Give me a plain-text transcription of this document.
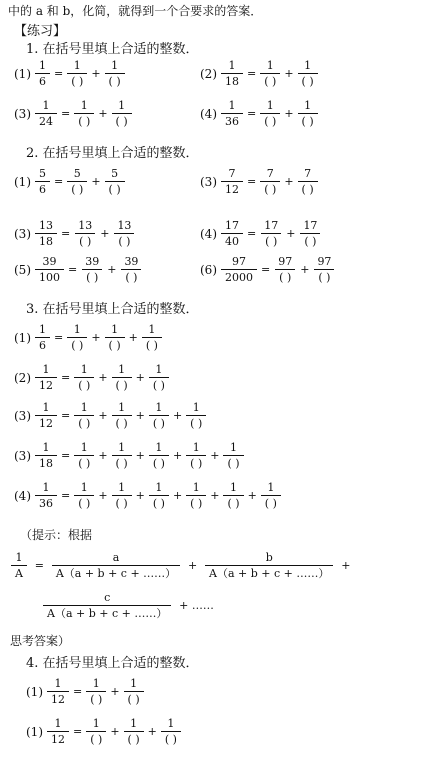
中的 a 和 b，化简，就得到一个合要求的答案．
【练习】
1. 在括号里填上合适的整数．
$(1) \frac{1}{6} = \frac{1}{( )} + \frac{1}{( )}$	$(2) \frac{1}{18} = \frac{1}{( )} + \frac{1}{( )}$
$(3) \frac{1}{24} = \frac{1}{( )} + \frac{1}{( )}$	$(4) \frac{1}{36} = \frac{1}{( )} + \frac{1}{( )}$
2. 在括号里填上合适的整数．
$(1) \frac{5}{6} = \frac{5}{( )} + \frac{5}{( )}$	$(3) \frac{7}{12} = \frac{7}{( )} + \frac{7}{( )}$
$(3) \frac{13}{18} = \frac{13}{( )} + \frac{13}{( )}$	$(4) \frac{17}{40} = \frac{17}{( )} + \frac{17}{( )}$
$(5) \frac{39}{100} = \frac{39}{( )} + \frac{39}{( )}$	$(6) \frac{97}{2000} = \frac{97}{( )} + \frac{97}{( )}$
3. 在括号里填上合适的整数．
$(1) \frac{1}{6} = \frac{1}{( )} + \frac{1}{( )} + \frac{1}{( )}$
$(2) \frac{1}{12} = \frac{1}{( )} + \frac{1}{( )} + \frac{1}{( )}$
$(3) \frac{1}{12} = \frac{1}{( )} + \frac{1}{( )} + \frac{1}{( )} + \frac{1}{( )}$
$(3) \frac{1}{18} = \frac{1}{( )} + \frac{1}{( )} + \frac{1}{( )} + \frac{1}{( )} + \frac{1}{( )}$
$(4) \frac{1}{36} = \frac{1}{( )} + \frac{1}{( )} + \frac{1}{( )} + \frac{1}{( )} + \frac{1}{( )} + \frac{1}{( )}$
（提示：根据
$\frac{1}{A} = \frac{a}{A(a + b + c + \dots\dots)} + \frac{b}{A(a + b + c + \dots\dots)}$ +
$\frac{c}{A(a + b + c + \dots\dots)}$ + ……
思考答案）
4. 在括号里填上合适的整数．
$(1) \frac{1}{12} = \frac{1}{( )} + \frac{1}{( )}$
$(1) \frac{1}{12} = \frac{1}{( )} + \frac{1}{( )} + \frac{1}{( )}$
